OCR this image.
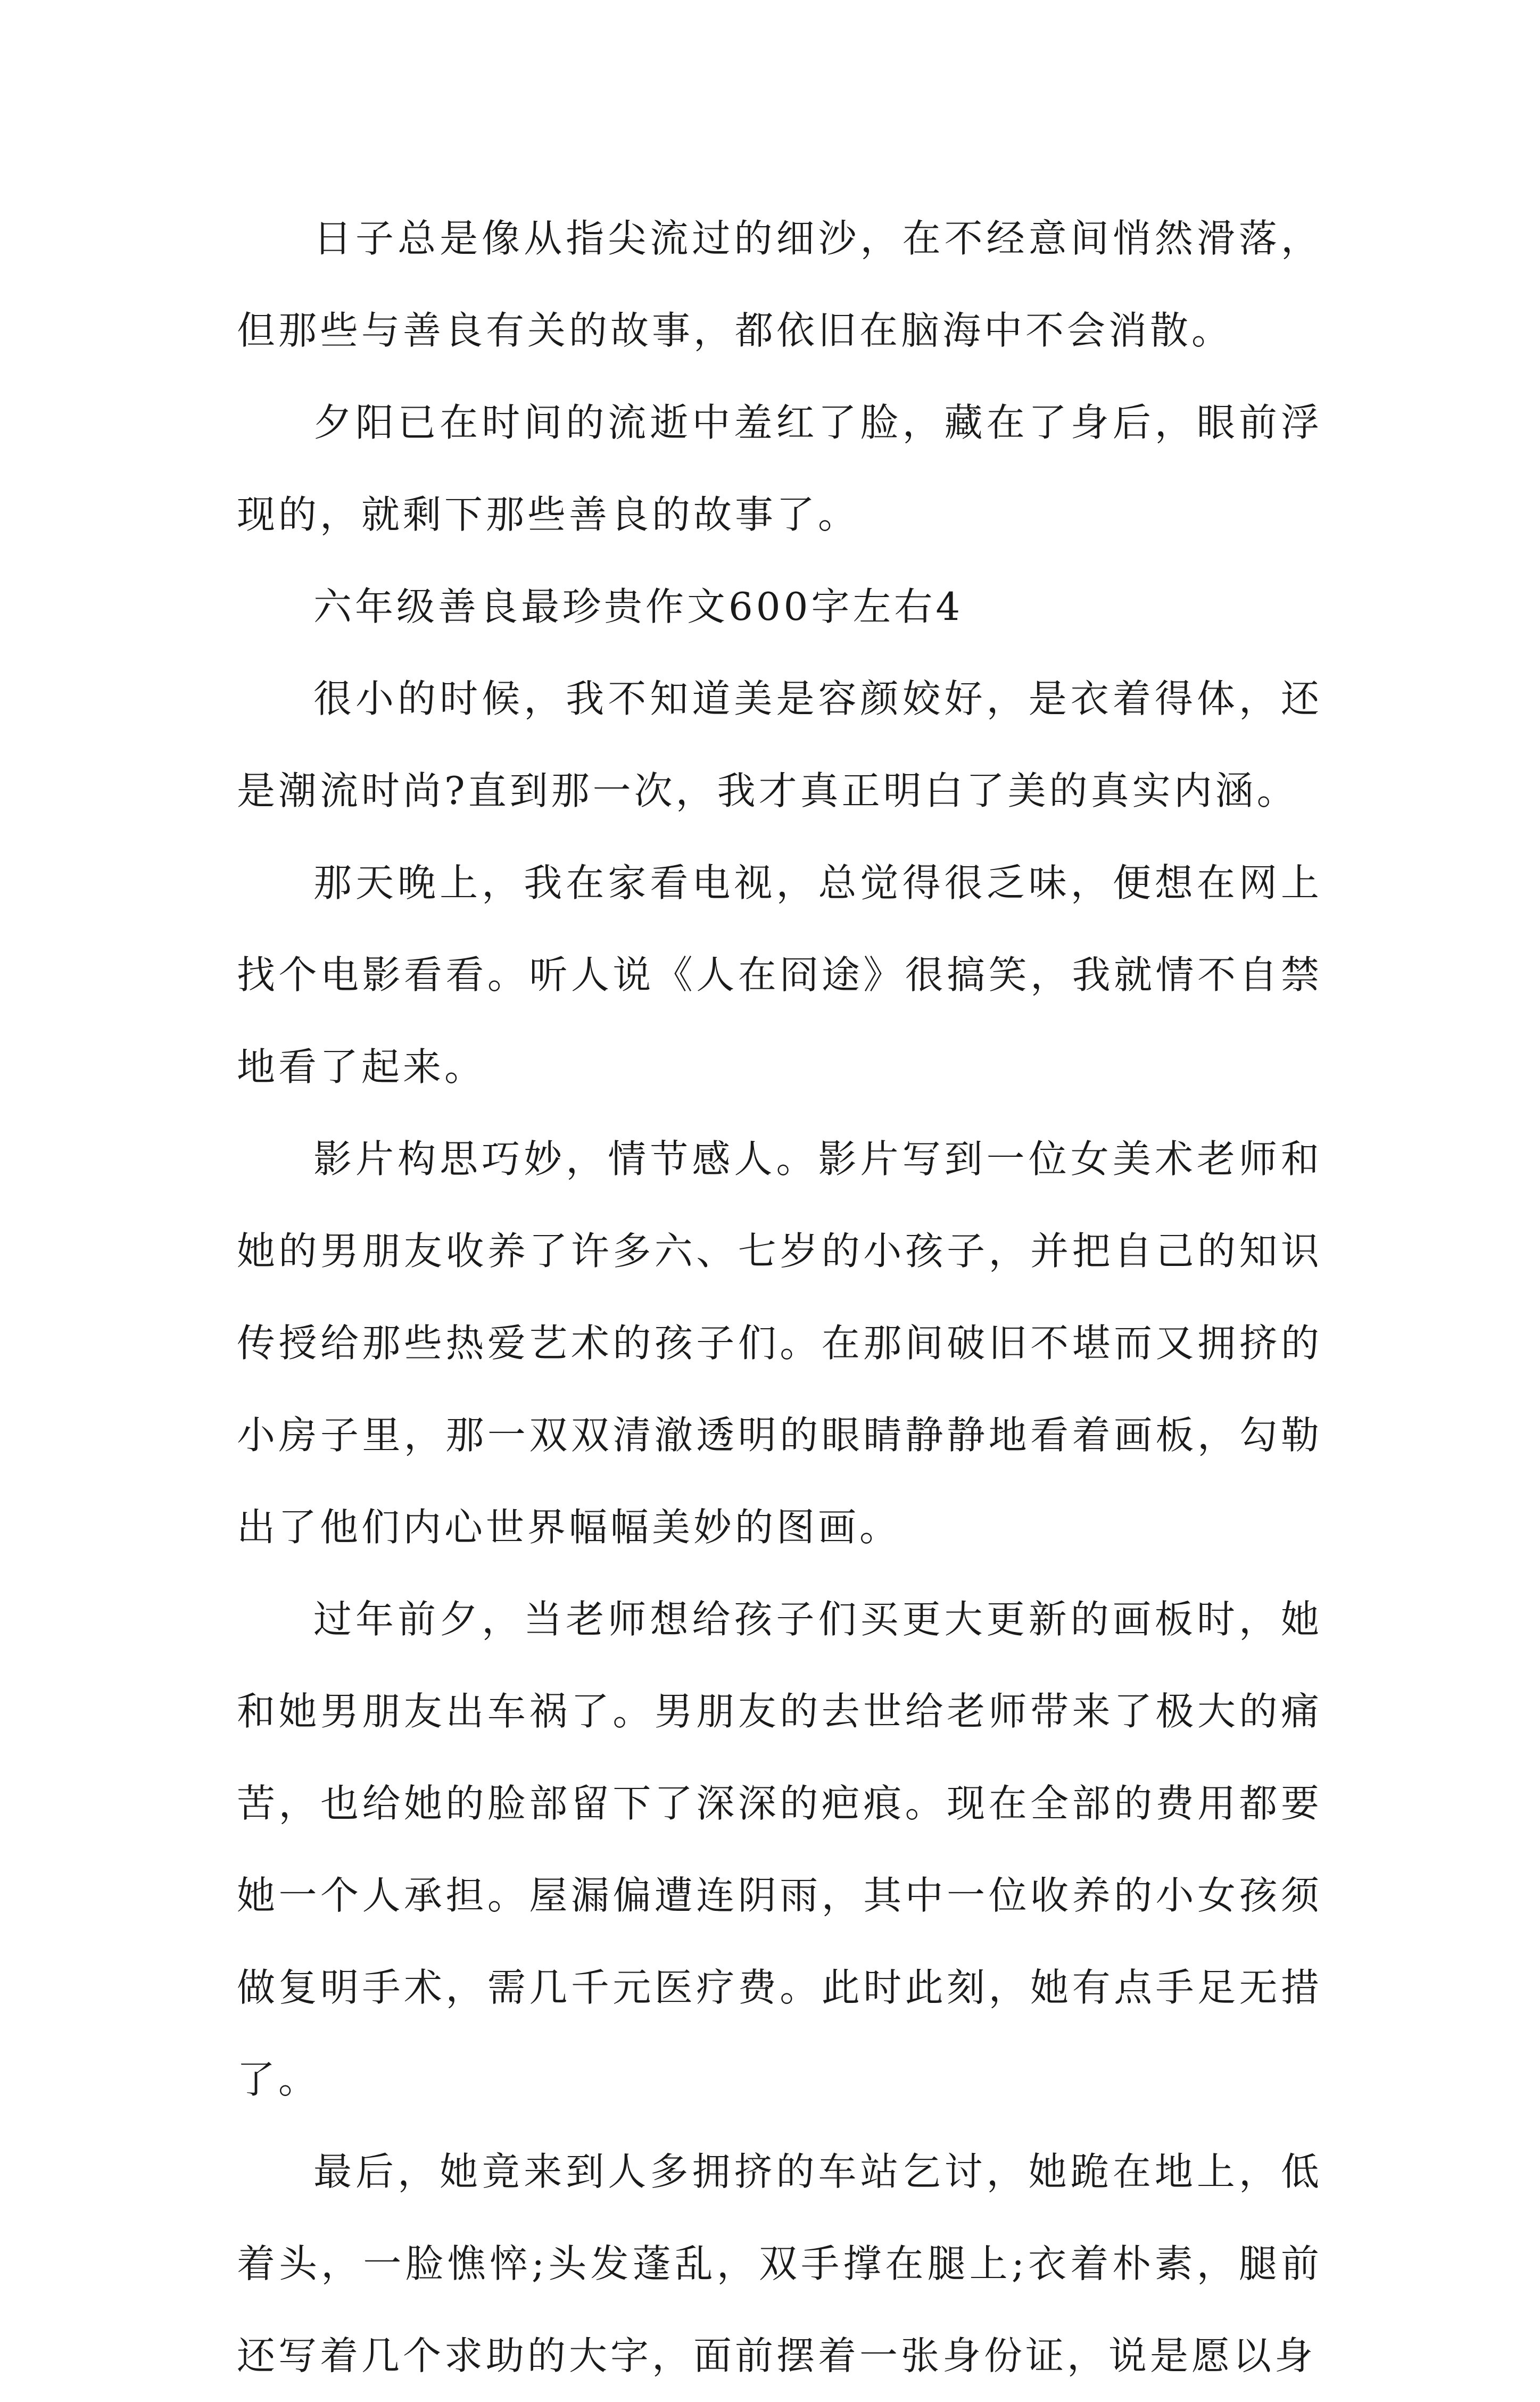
日子总是像从指尖流过的细沙，在不经意间悄然滑落，但那些与善良有关的故事，都依旧在脑海中不会消散。

夕阳已在时间的流逝中羞红了脸，藏在了身后，眼前浮现的，就剩下那些善良的故事了。

六年级善良最珍贵作文600字左右4

很小的时候，我不知道美是容颜姣好，是衣着得体，还是潮流时尚?直到那一次，我才真正明白了美的真实内涵。

那天晚上，我在家看电视，总觉得很乏味，便想在网上找个电影看看。听人说《人在冏途》很搞笑，我就情不自禁地看了起来。

影片构思巧妙，情节感人。影片写到一位女美术老师和她的男朋友收养了许多六、七岁的小孩子，并把自己的知识传授给那些热爱艺术的孩子们。在那间破旧不堪而又拥挤的小房子里，那一双双清澈透明的眼睛静静地看着画板，勾勒出了他们内心世界幅幅美妙的图画。

过年前夕，当老师想给孩子们买更大更新的画板时，她和她男朋友出车祸了。男朋友的去世给老师带来了极大的痛苦，也给她的脸部留下了深深的疤痕。现在全部的费用都要她一个人承担。屋漏偏遭连阴雨，其中一位收养的小女孩须做复明手术，需几千元医疗费。此时此刻，她有点手足无措了。

最后，她竟来到人多拥挤的车站乞讨，她跪在地上，低着头，一脸憔悴;头发蓬乱，双手撑在腿上;衣着朴素，腿前还写着几个求助的大字，面前摆着一张身份证，说是愿以身
